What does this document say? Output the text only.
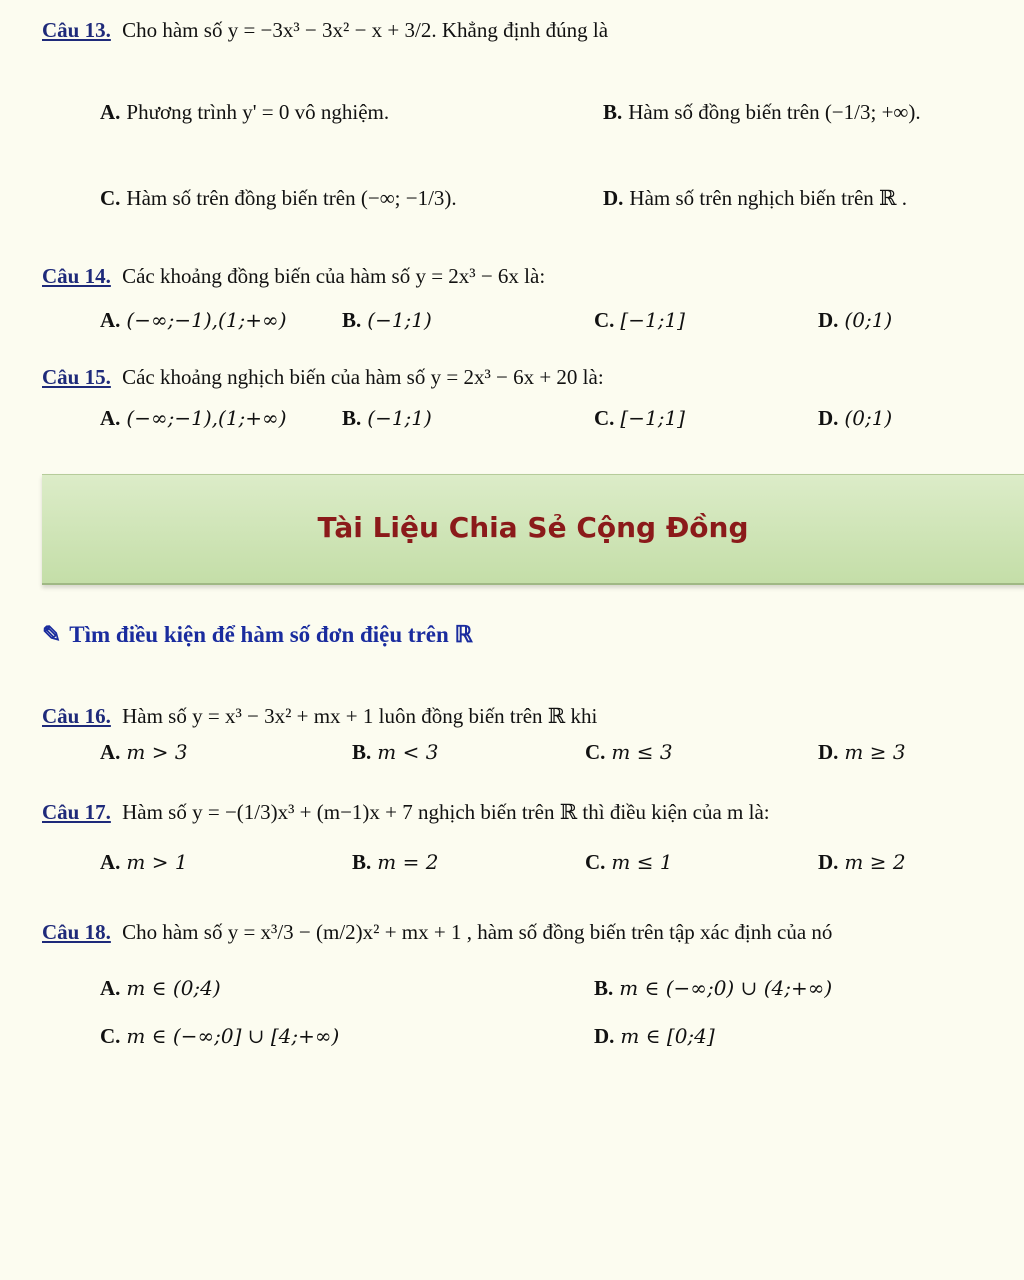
Câu 13. Cho hàm số y = −3x³ − 3x² − x + 3/2. Khẳng định đúng là
A. Phương trình y' = 0 vô nghiệm.	B. Hàm số đồng biến trên (−1/3; +∞).
C. Hàm số trên đồng biến trên (−∞; −1/3).	D. Hàm số trên nghịch biến trên ℝ .
Câu 14. Các khoảng đồng biến của hàm số y = 2x³ − 6x là:
A. (−∞;−1),(1;+∞)	B. (−1;1)	C. [−1;1]	D. (0;1)
Câu 15. Các khoảng nghịch biến của hàm số y = 2x³ − 6x + 20 là:
A. (−∞;−1),(1;+∞)	B. (−1;1)	C. [−1;1]	D. (0;1)
Tài Liệu Chia Sẻ Cộng Đồng
✎ Tìm điều kiện để hàm số đơn điệu trên ℝ
Câu 16. Hàm số y = x³ − 3x² + mx + 1 luôn đồng biến trên ℝ khi
A. m > 3	B. m < 3	C. m ≤ 3	D. m ≥ 3
Câu 17. Hàm số y = −(1/3)x³ + (m−1)x + 7 nghịch biến trên ℝ thì điều kiện của m là:
A. m > 1	B. m = 2	C. m ≤ 1	D. m ≥ 2
Câu 18. Cho hàm số y = x³/3 − (m/2)x² + mx + 1 , hàm số đồng biến trên tập xác định của nó
A. m ∈ (0;4)	B. m ∈ (−∞;0) ∪ (4;+∞)
C. m ∈ (−∞;0] ∪ [4;+∞)	D. m ∈ [0;4]
